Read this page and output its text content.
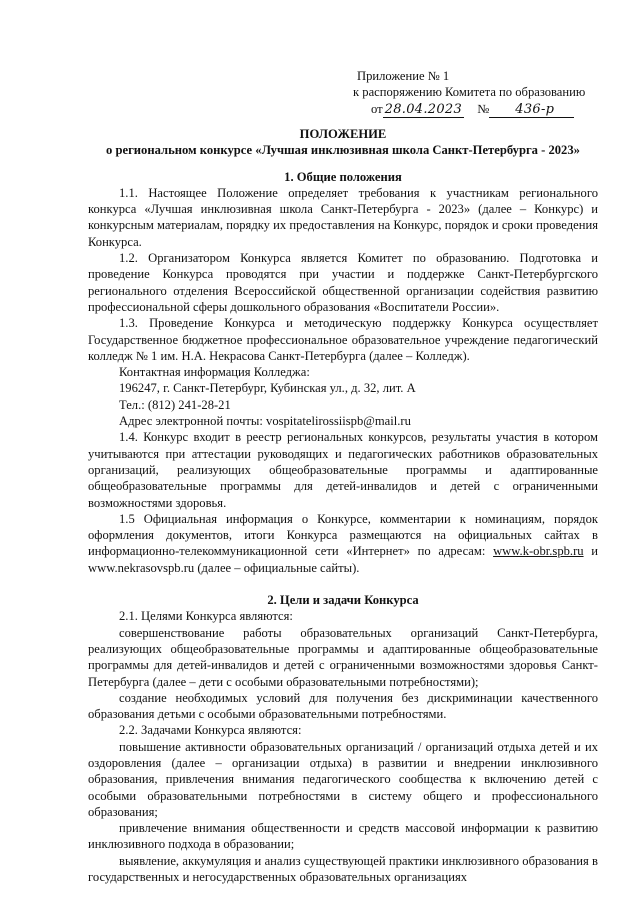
Приложение № 1
к распоряжению Комитета по образованию
от 28.04.2023 № 436-р
ПОЛОЖЕНИЕ
о региональном конкурсе «Лучшая инклюзивная школа Санкт-Петербурга - 2023»
1. Общие положения

1.1. Настоящее Положение определяет требования к участникам регионального конкурса «Лучшая инклюзивная школа Санкт-Петербурга - 2023» (далее – Конкурс) и конкурсным материалам, порядку их предоставления на Конкурс, порядок и сроки проведения Конкурса.

1.2. Организатором Конкурса является Комитет по образованию. Подготовка и проведение Конкурса проводятся при участии и поддержке Санкт-Петербургского регионального отделения Всероссийской общественной организации содействия развитию профессиональной сферы дошкольного образования «Воспитатели России».

1.3. Проведение Конкурса и методическую поддержку Конкурса осуществляет Государственное бюджетное профессиональное образовательное учреждение педагогический колледж № 1 им. Н.А. Некрасова Санкт-Петербурга (далее – Колледж).

Контактная информация Колледжа:

196247, г. Санкт-Петербург, Кубинская ул., д. 32, лит. А

Тел.: (812) 241-28-21

Адрес электронной почты: vospitatelirossiispb@mail.ru

1.4. Конкурс входит в реестр региональных конкурсов, результаты участия в котором учитываются при аттестации руководящих и педагогических работников образовательных организаций, реализующих общеобразовательные программы и адаптированные общеобразовательные программы для детей-инвалидов и детей с ограниченными возможностями здоровья.

1.5 Официальная информация о Конкурсе, комментарии к номинациям, порядок оформления документов, итоги Конкурса размещаются на официальных сайтах в информационно-телекоммуникационной сети «Интернет» по адресам: www.k-obr.spb.ru и www.nekrasovspb.ru (далее – официальные сайты).

2. Цели и задачи Конкурса

2.1. Целями Конкурса являются:

совершенствование работы образовательных организаций Санкт-Петербурга, реализующих общеобразовательные программы и адаптированные общеобразовательные программы для детей-инвалидов и детей с ограниченными возможностями здоровья Санкт-Петербурга (далее – дети с особыми образовательными потребностями);

создание необходимых условий для получения без дискриминации качественного образования детьми с особыми образовательными потребностями.

2.2. Задачами Конкурса являются:

повышение активности образовательных организаций / организаций отдыха детей и их оздоровления (далее – организации отдыха) в развитии и внедрении инклюзивного образования, привлечения внимания педагогического сообщества к включению детей с особыми образовательными потребностями в систему общего и профессионального образования;

привлечение внимания общественности и средств массовой информации к развитию инклюзивного подхода в образовании;

выявление, аккумуляция и анализ существующей практики инклюзивного образования в государственных и негосударственных образовательных организациях
